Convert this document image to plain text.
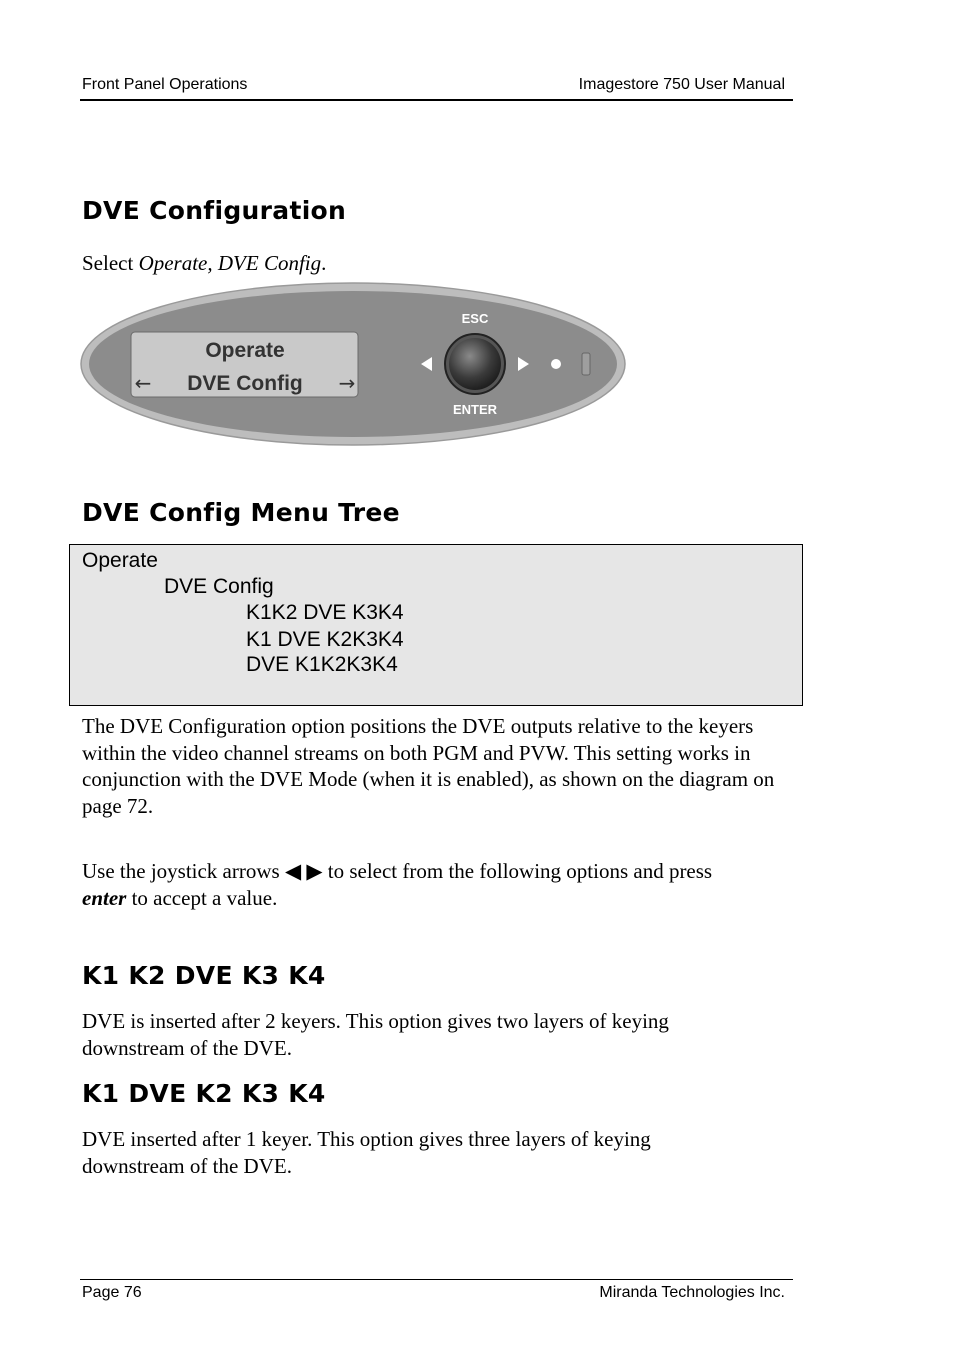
Front Panel Operations	Imagestore 750 User Manual
DVE Configuration

Select Operate, DVE Config.

Operate
DVE Config
←	→
ESC
ENTER
DVE Config Menu Tree
Operate
DVE Config
K1K2 DVE K3K4
K1 DVE K2K3K4
DVE K1K2K3K4

The DVE Configuration option positions the DVE outputs relative to the keyers within the video channel streams on both PGM and PVW. This setting works in conjunction with the DVE Mode (when it is enabled), as shown on the diagram on page 72.

Use the joystick arrows ◀ ▶ to select from the following options and press
enter to accept a value.

K1 K2 DVE K3 K4

DVE is inserted after 2 keyers. This option gives two layers of keying downstream of the DVE.

K1 DVE K2 K3 K4

DVE inserted after 1 keyer. This option gives three layers of keying downstream of the DVE.

Page 76	Miranda Technologies Inc.
